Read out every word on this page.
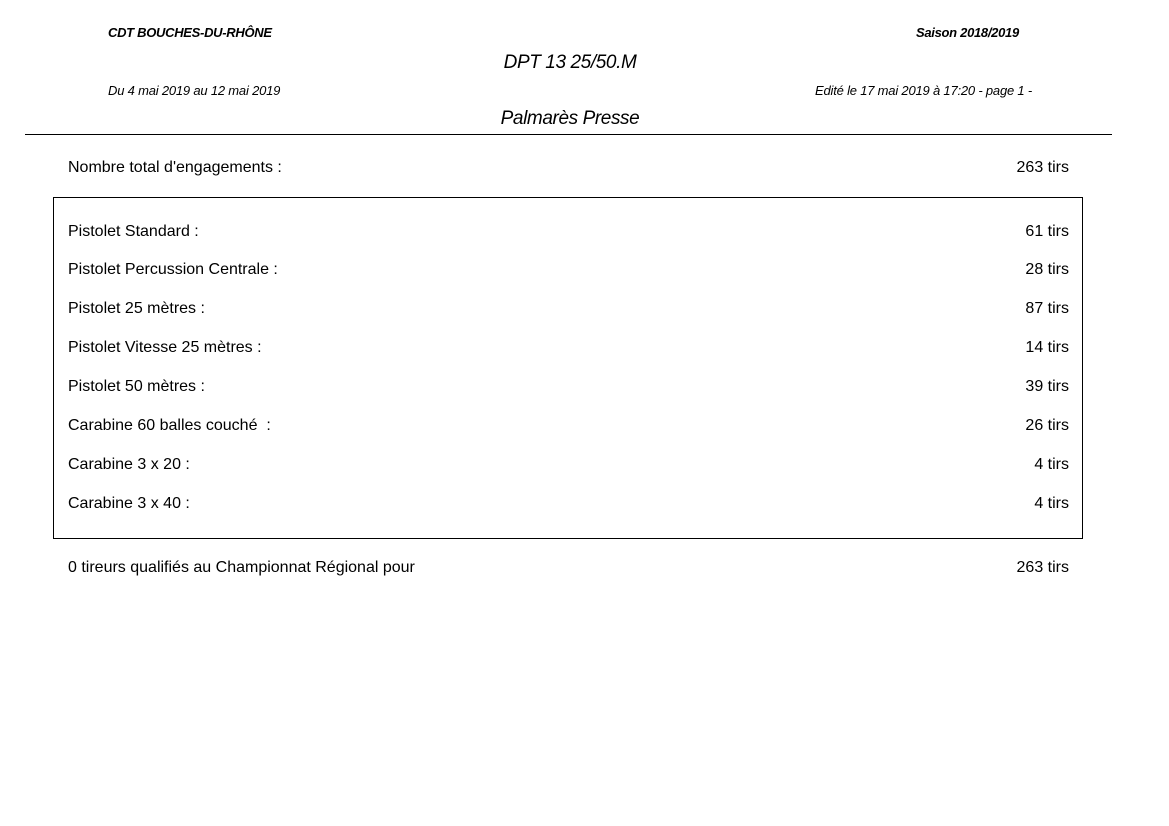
CDT BOUCHES-DU-RHÔNE	Saison 2018/2019
DPT 13 25/50.M
Du 4 mai 2019 au 12 mai 2019	Edité le 17 mai 2019 à 17:20 - page 1 -
Palmarès Presse
Nombre total d'engagements :	263 tirs
Pistolet Standard :	61 tirs
Pistolet Percussion Centrale :	28 tirs
Pistolet 25 mètres :	87 tirs
Pistolet Vitesse 25 mètres :	14 tirs
Pistolet 50 mètres :	39 tirs
Carabine 60 balles couché  :	26 tirs
Carabine 3 x 20 :	4 tirs
Carabine 3 x 40 :	4 tirs
0 tireurs qualifiés au Championnat Régional pour	263 tirs
